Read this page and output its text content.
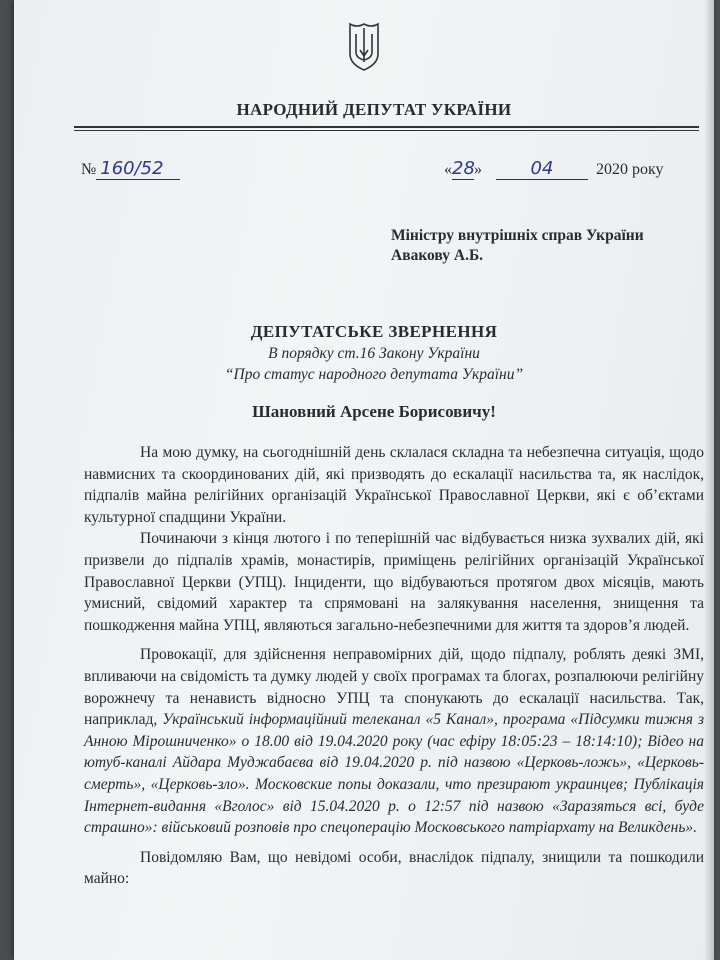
НАРОДНИЙ ДЕПУТАТ УКРАЇНИ
№ 160/52	«28»	04	2020 року
Міністру внутрішніх справ України
Авакову А.Б.
ДЕПУТАТСЬКЕ ЗВЕРНЕННЯ
В порядку ст.16 Закону України
“Про статус народного депутата України”
Шановний Арсене Борисовичу!

На мою думку, на сьогоднішній день склалася складна та небезпечна ситуація, щодо навмисних та скоординованих дій, які призводять до ескалації насильства та, як наслідок, підпалів майна релігійних організацій Української Православної Церкви, які є об’єктами культурної спадщини України.

Починаючи з кінця лютого і по теперішній час відбувається низка зухвалих дій, які призвели до підпалів храмів, монастирів, приміщень релігійних організацій Української Православної Церкви (УПЦ). Інциденти, що відбуваються протягом двох місяців, мають умисний, свідомий характер та спрямовані на залякування населення, знищення та пошкодження майна УПЦ, являються загально-небезпечними для життя та здоров’я людей.

Провокації, для здійснення неправомірних дій, щодо підпалу, роблять деякі ЗМІ, впливаючи на свідомість та думку людей у своїх програмах та блогах, розпалюючи релігійну ворожнечу та ненависть відносно УПЦ та спонукають до ескалації насильства. Так, наприклад, Український інформаційний телеканал «5 Канал», програма «Підсумки тижня з Анною Мірошниченко» о 18.00 від 19.04.2020 року (час ефіру 18:05:23 – 18:14:10); Відео на ютуб-каналі Айдара Муджабаєва від 19.04.2020 р. під назвою «Церковь-ложь», «Церковь-смерть», «Церковь-зло». Московские попы доказали, что презирают украинцев; Публікація Інтернет-видання «Вголос» від 15.04.2020 р. о 12:57 під назвою «Заразяться всі, буде страшно»: військовий розповів про спецоперацію Московського патріархату на Великдень».

Повідомляю Вам, що невідомі особи, внаслідок підпалу, знищили та пошкодили майно:
